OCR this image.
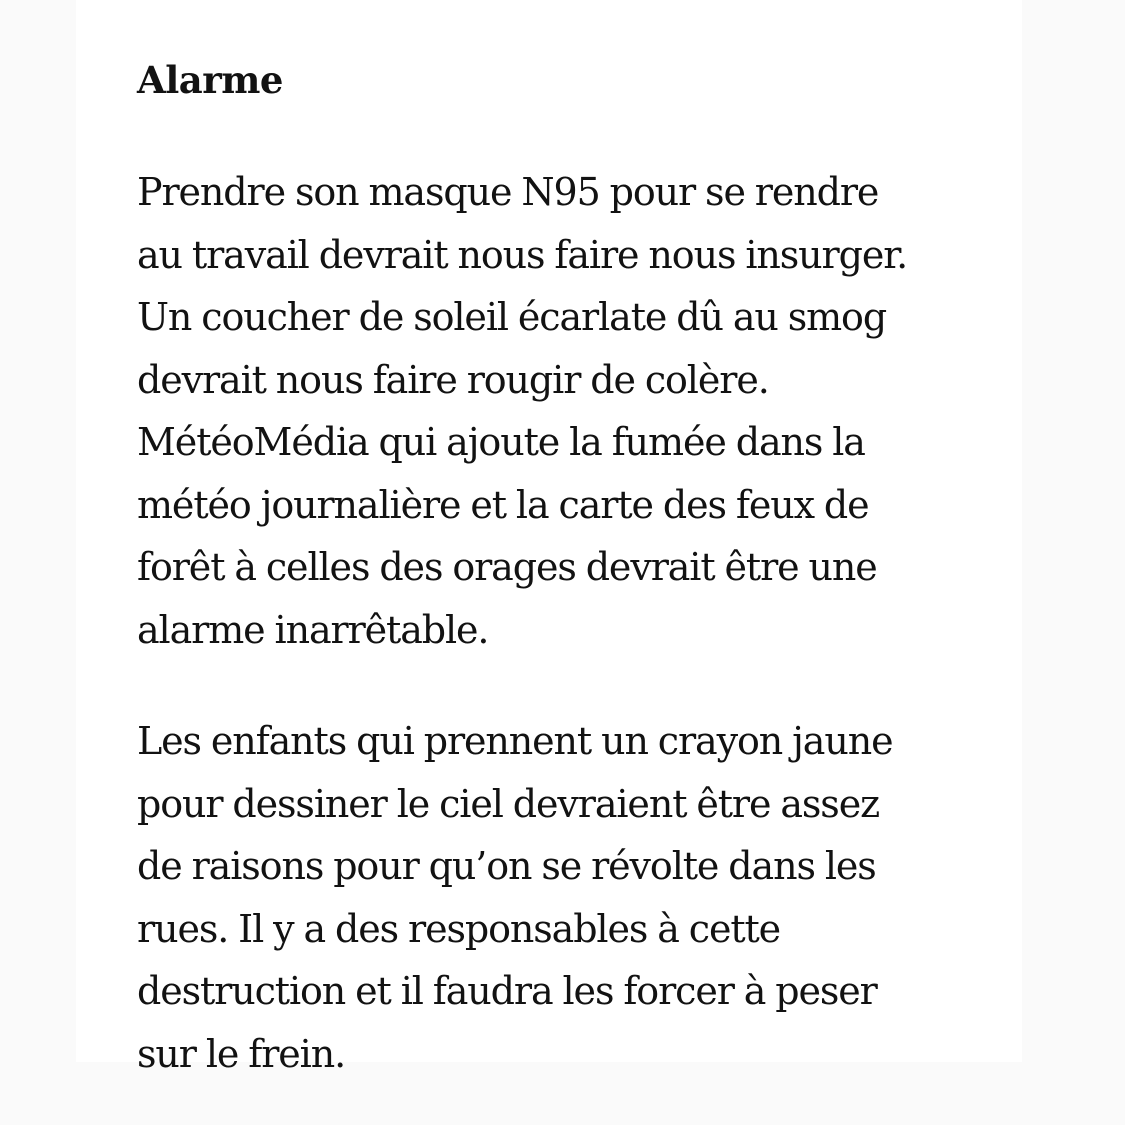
Alarme

Prendre son masque N95 pour se rendre
au travail devrait nous faire nous insurger.
Un coucher de soleil écarlate dû au smog
devrait nous faire rougir de colère.
MétéoMédia qui ajoute la fumée dans la
météo journalière et la carte des feux de
forêt à celles des orages devrait être une
alarme inarrêtable.

Les enfants qui prennent un crayon jaune
pour dessiner le ciel devraient être assez
de raisons pour qu’on se révolte dans les
rues. Il y a des responsables à cette
destruction et il faudra les forcer à peser
sur le frein.
